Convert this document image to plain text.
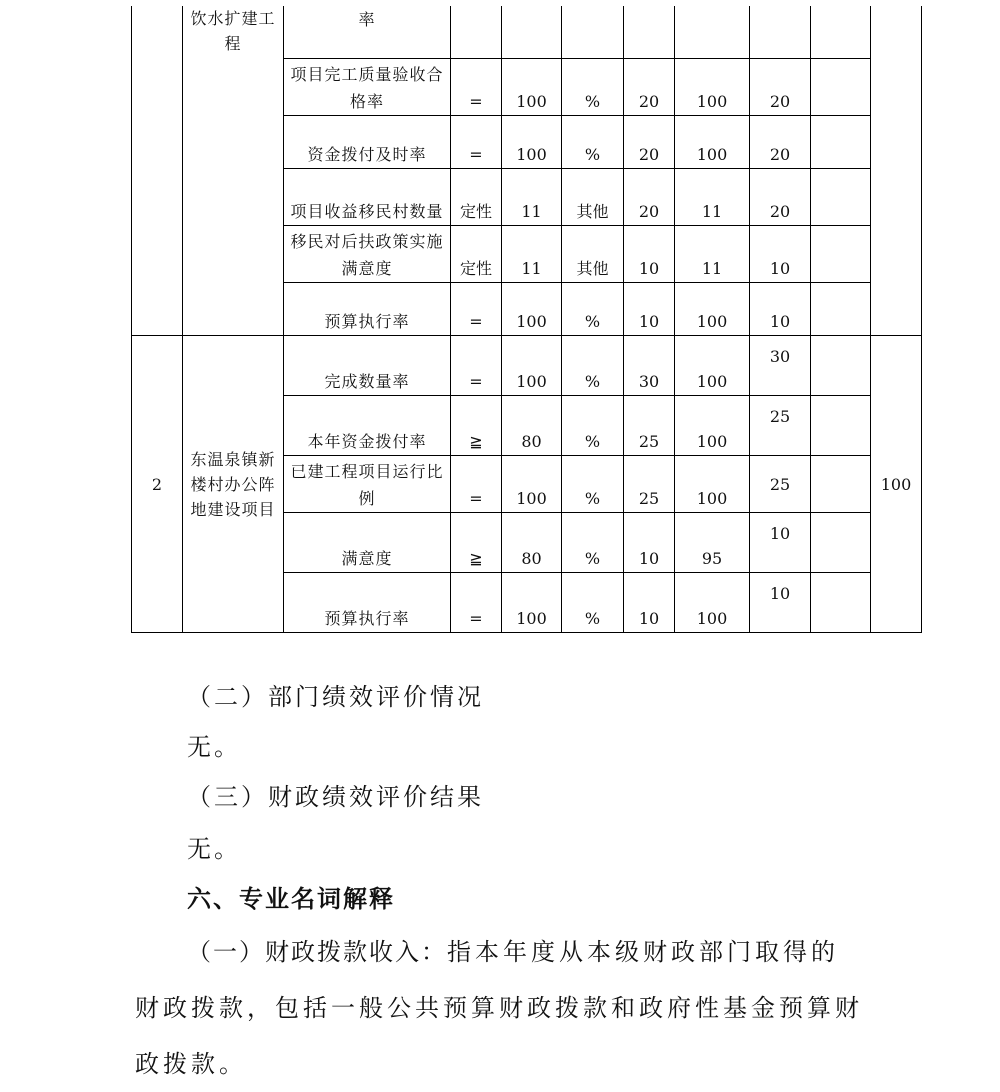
	饮水扩建工程	率								

		项目完工质量验收合格率	=	100	%	20	100	20		
		资金拨付及时率	=	100	%	20	100	20		
		项目收益移民村数量	定性	11	其他	20	11	20		
		移民对后扶政策实施满意度	定性	11	其他	10	11	10		
		预算执行率	=	100	%	10	100	10		
2	东温泉镇新楼村办公阵地建设项目	完成数量率	=	100	%	30	100	30		100
		本年资金拨付率	≧	80	%	25	100	25		
		已建工程项目运行比例	=	100	%	25	100	25		
		满意度	≧	80	%	10	95	10		
		预算执行率	=	100	%	10	100	10		

（二）部门绩效评价情况

无。

（三）财政绩效评价结果

无。

六、专业名词解释

（一）财政拨款收入：指本年度从本级财政部门取得的财政拨款，包括一般公共预算财政拨款和政府性基金预算财政拨款。
